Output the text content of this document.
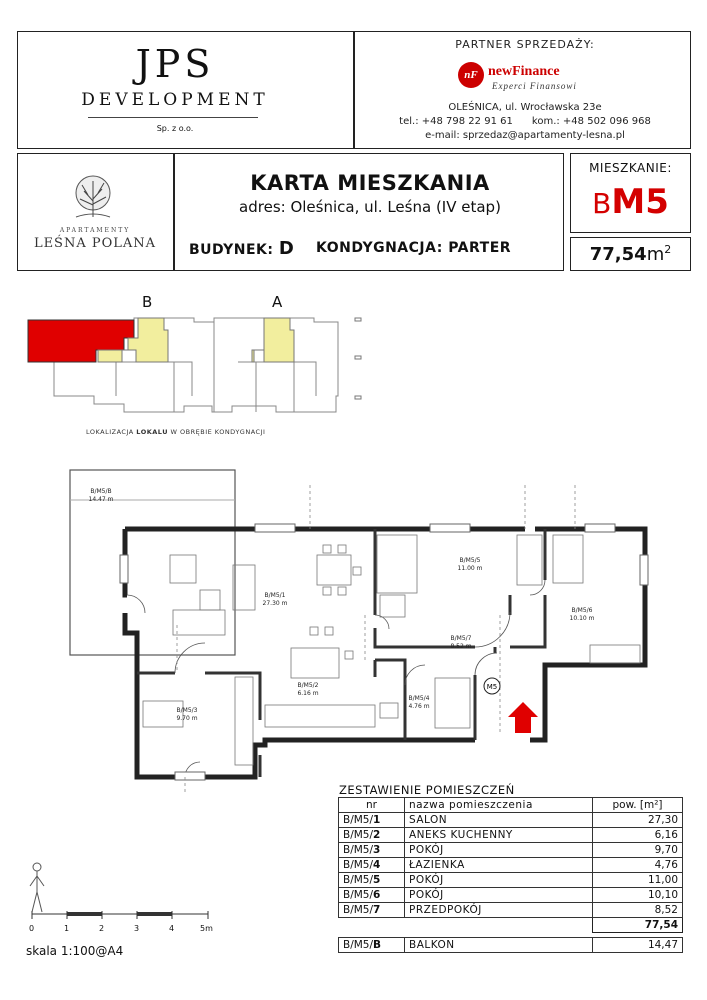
JPS
DEVELOPMENT
Sp. z o.o.
PARTNER SPRZEDAŻY:
nF newFinance
Experci Finansowi
OLEŚNICA, ul. Wrocławska 23e
tel.: +48 798 22 91 61      kom.: +48 502 096 968
e-mail: sprzedaz@apartamenty-lesna.pl
APARTAMENTY
LEŚNA POLANA
KARTA MIESZKANIA
adres: Oleśnica, ul. Leśna (IV etap)
BUDYNEK: D KONDYGNACJA: PARTER
MIESZKANIE:
BM5
$77,54m^2$
B	A
LOKALIZACJA LOKALU W OBRĘBIE KONDYGNACJI
B/M5/B
14.47 m
B/M5/1
27.30 m
B/M5/5
11.00 m
B/M5/6
10.10 m
B/M5/7
8.52 m
B/M5/2
6.16 m
B/M5/3
9.70 m
B/M5/4
4.76 m
M5
ZESTAWIENIE POMIESZCZEŃ
nr	nazwa pomieszczenia	pow. [m²]
B/M5/1	SALON	27,30
B/M5/2	ANEKS KUCHENNY	6,16
B/M5/3	POKÓJ	9,70
B/M5/4	ŁAZIENKA	4,76
B/M5/5	POKÓJ	11,00
B/M5/6	POKÓJ	10,10
B/M5/7	PRZEDPOKÓJ	8,52
		77,54
B/M5/B	BALKON	14,47
0	1	2	3	4	5m
skala 1:100@A4
